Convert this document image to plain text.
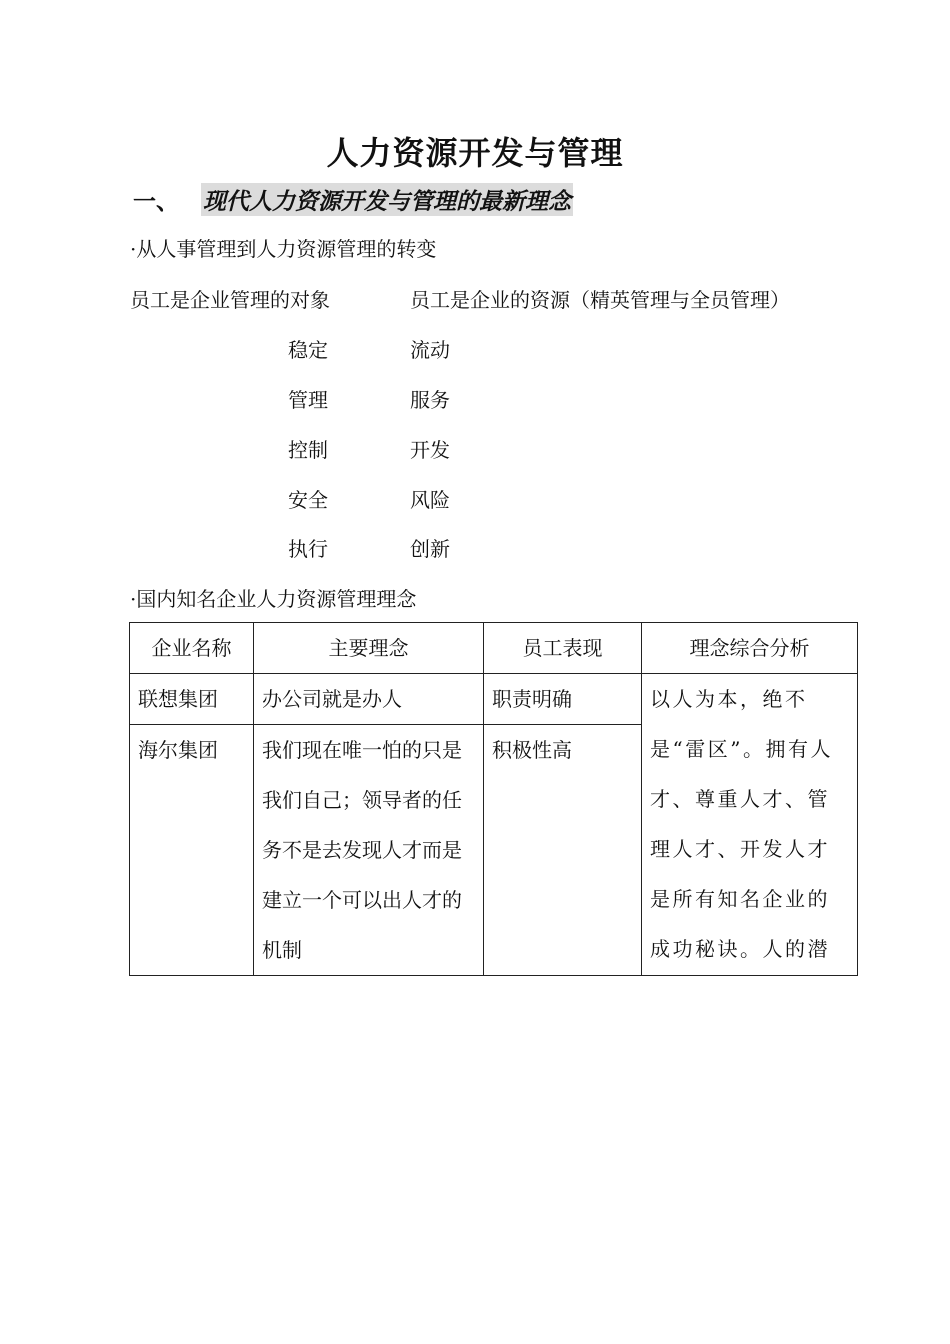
人力资源开发与管理
一、 现代人力资源开发与管理的最新理念
·从人事管理到人力资源管理的转变
员工是企业管理的对象	员工是企业的资源（精英管理与全员管理）
稳定	流动
管理	服务
控制	开发
安全	风险
执行	创新
·国内知名企业人力资源管理理念
企业名称	主要理念	员工表现	理念综合分析
联想集团	办公司就是办人	职责明确	以人为本，绝不是“雷区”。拥有人才、尊重人才、管理人才、开发人才是所有知名企业的成功秘诀。人的潜
海尔集团	我们现在唯一怕的只是我们自己；领导者的任务不是去发现人才而是建立一个可以出人才的机制	积极性高	
